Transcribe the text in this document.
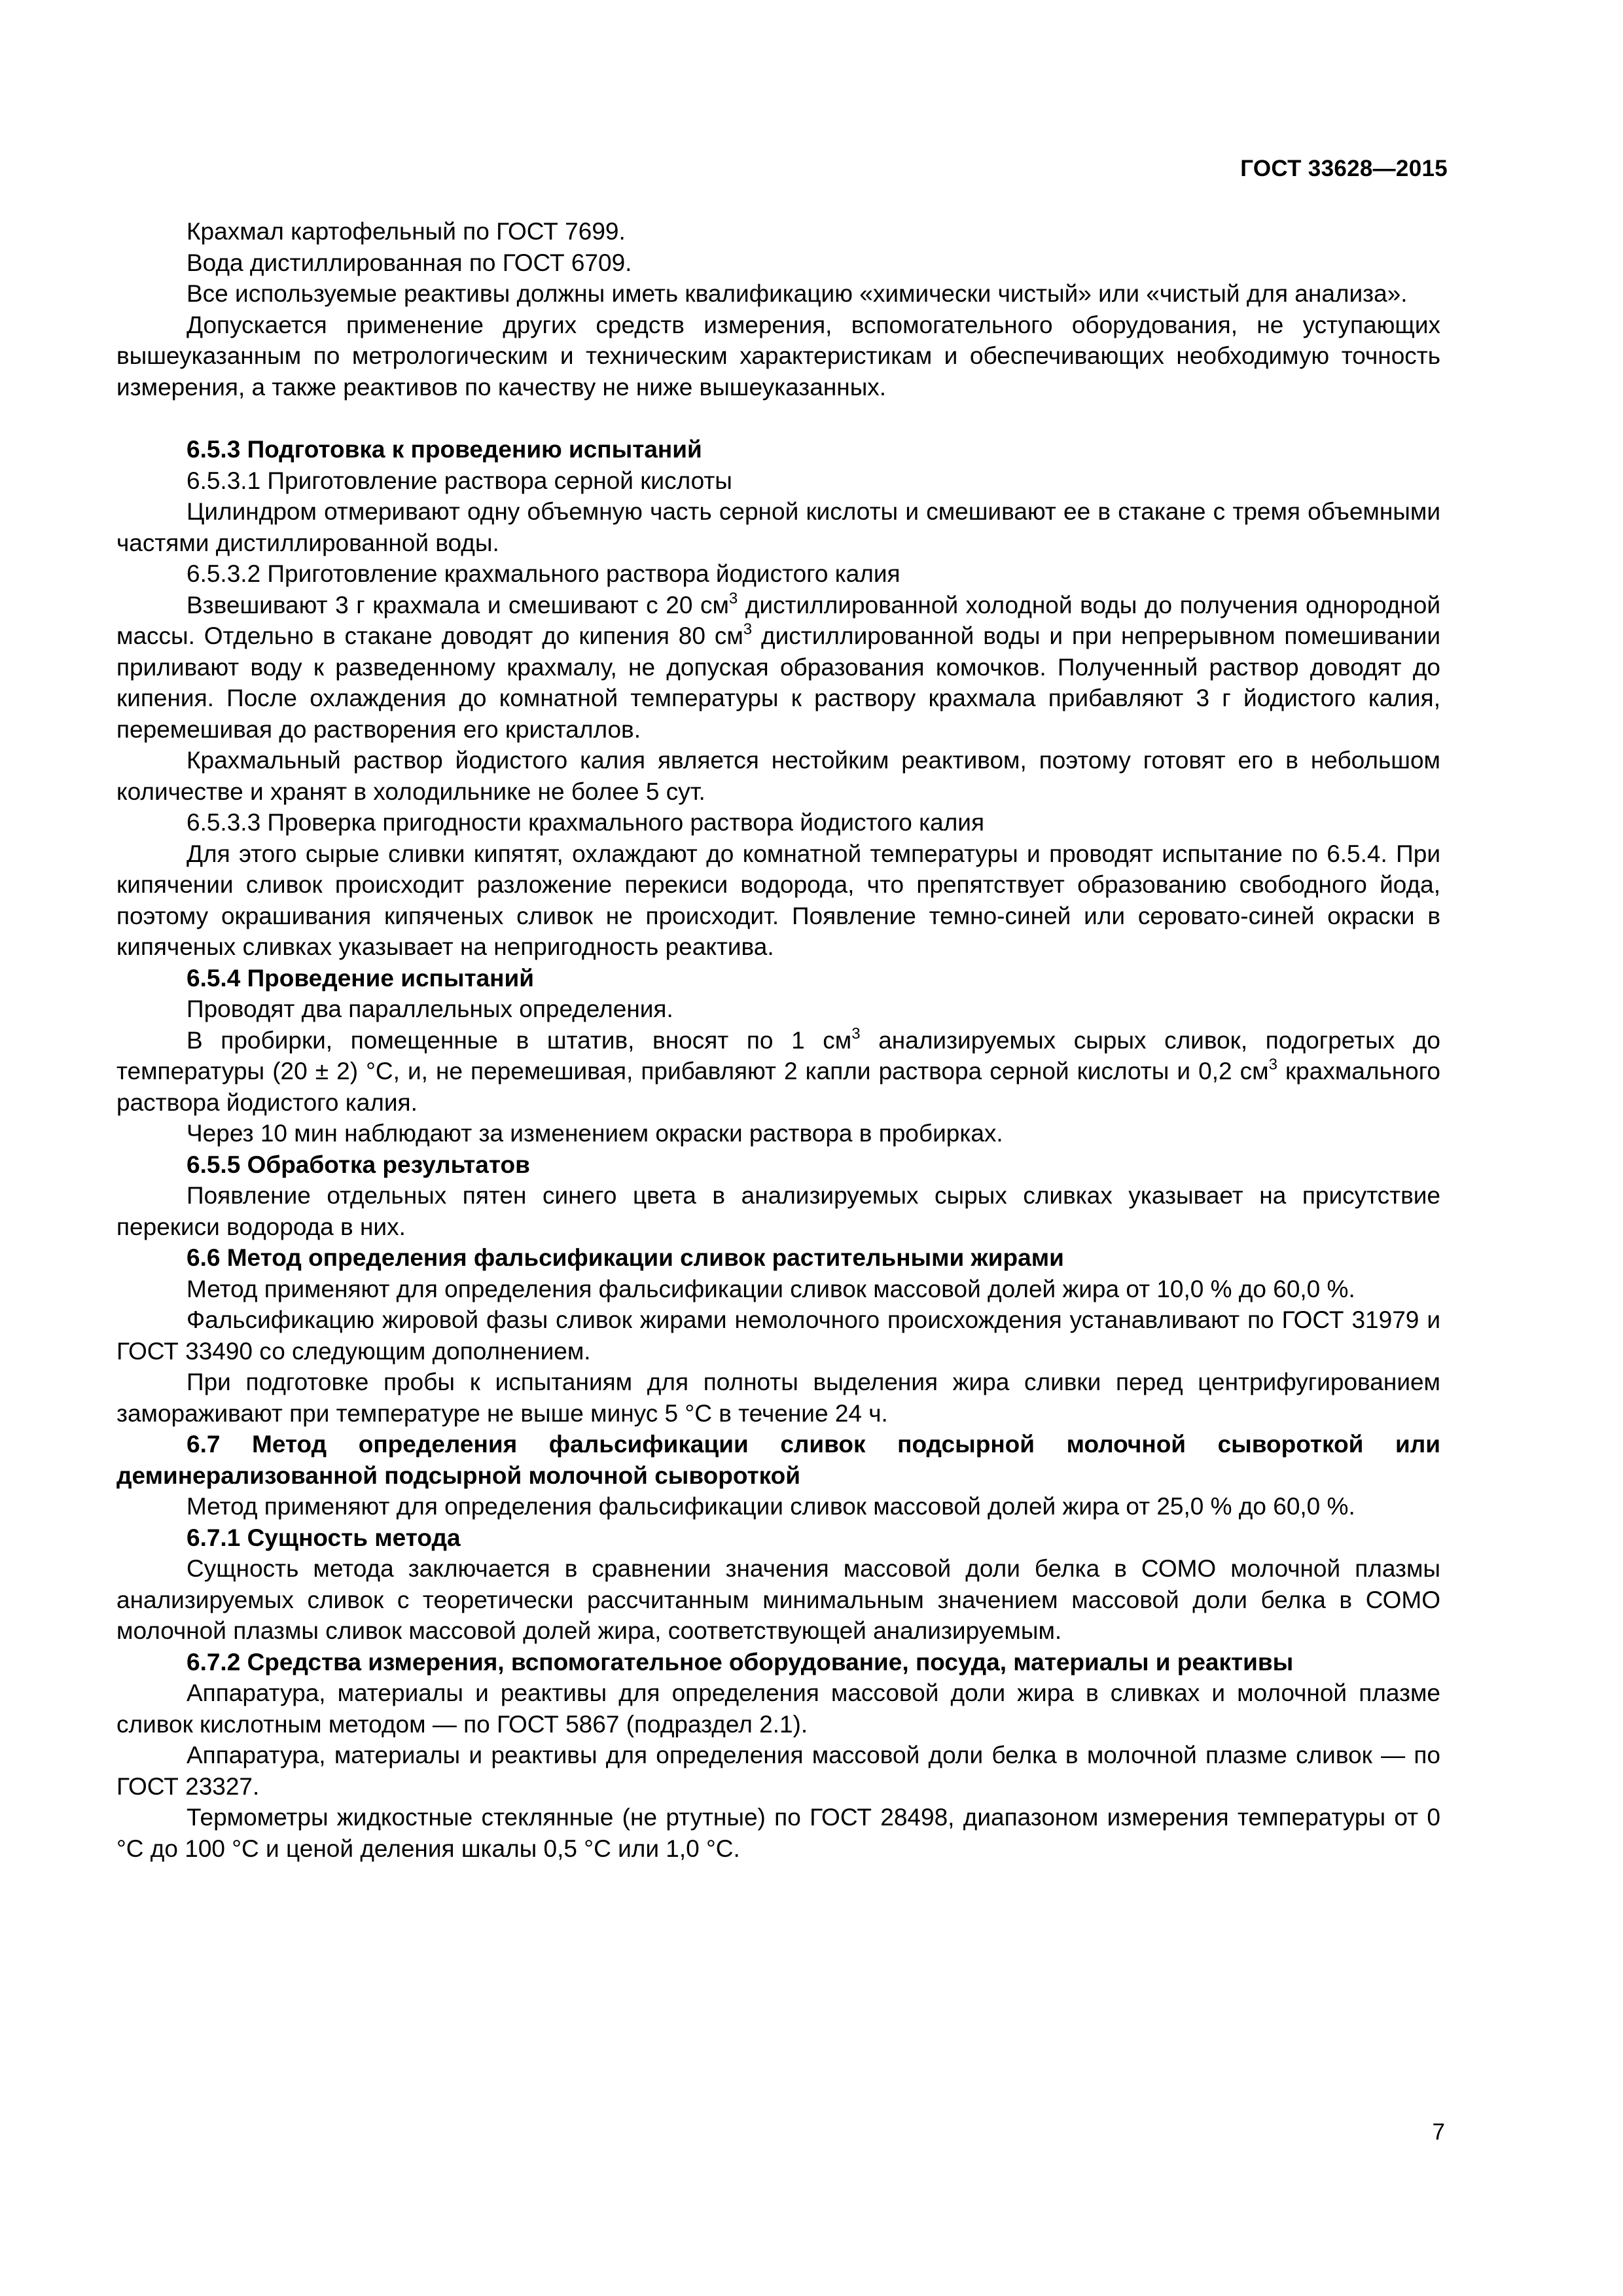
ГОСТ 33628—2015

Крахмал картофельный по ГОСТ 7699.

Вода дистиллированная по ГОСТ 6709.

Все используемые реактивы должны иметь квалификацию «химически чистый» или «чистый для анализа».

Допускается применение других средств измерения, вспомогательного оборудования, не уступающих вышеуказанным по метрологическим и техническим характеристикам и обеспечивающих необходимую точность измерения, а также реактивов по качеству не ниже вышеуказанных.

6.5.3 Подготовка к проведению испытаний

6.5.3.1 Приготовление раствора серной кислоты

Цилиндром отмеривают одну объемную часть серной кислоты и смешивают ее в стакане с тремя объемными частями дистиллированной воды.

6.5.3.2 Приготовление крахмального раствора йодистого калия

Взвешивают 3 г крахмала и смешивают с 20 $см^3$ дистиллированной холодной воды до получения однородной массы. Отдельно в стакане доводят до кипения 80 $см^3$ дистиллированной воды и при непрерывном помешивании приливают воду к разведенному крахмалу, не допуская образования комочков. Полученный раствор доводят до кипения. После охлаждения до комнатной температуры к раствору крахмала прибавляют 3 г йодистого калия, перемешивая до растворения его кристаллов.

Крахмальный раствор йодистого калия является нестойким реактивом, поэтому готовят его в небольшом количестве и хранят в холодильнике не более 5 сут.

6.5.3.3 Проверка пригодности крахмального раствора йодистого калия

Для этого сырые сливки кипятят, охлаждают до комнатной температуры и проводят испытание по 6.5.4. При кипячении сливок происходит разложение перекиси водорода, что препятствует образованию свободного йода, поэтому окрашивания кипяченых сливок не происходит. Появление темно-синей или серовато-синей окраски в кипяченых сливках указывает на непригодность реактива.

6.5.4 Проведение испытаний

Проводят два параллельных определения.

В пробирки, помещенные в штатив, вносят по 1 $см^3$ анализируемых сырых сливок, подогретых до температуры (20 ± 2) °С, и, не перемешивая, прибавляют 2 капли раствора серной кислоты и 0,2 $см^3$ крахмального раствора йодистого калия.

Через 10 мин наблюдают за изменением окраски раствора в пробирках.

6.5.5 Обработка результатов

Появление отдельных пятен синего цвета в анализируемых сырых сливках указывает на присутствие перекиси водорода в них.

6.6 Метод определения фальсификации сливок растительными жирами

Метод применяют для определения фальсификации сливок массовой долей жира от 10,0 % до 60,0 %.

Фальсификацию жировой фазы сливок жирами немолочного происхождения устанавливают по ГОСТ 31979 и ГОСТ 33490 со следующим дополнением.

При подготовке пробы к испытаниям для полноты выделения жира сливки перед центрифугированием замораживают при температуре не выше минус 5 °С в течение 24 ч.

6.7 Метод определения фальсификации сливок подсырной молочной сывороткой или деминерализованной подсырной молочной сывороткой

Метод применяют для определения фальсификации сливок массовой долей жира от 25,0 % до 60,0 %.

6.7.1 Сущность метода

Сущность метода заключается в сравнении значения массовой доли белка в СОМО молочной плазмы анализируемых сливок с теоретически рассчитанным минимальным значением массовой доли белка в СОМО молочной плазмы сливок массовой долей жира, соответствующей анализируемым.

6.7.2 Средства измерения, вспомогательное оборудование, посуда, материалы и реактивы

Аппаратура, материалы и реактивы для определения массовой доли жира в сливках и молочной плазме сливок кислотным методом — по ГОСТ 5867 (подраздел 2.1).

Аппаратура, материалы и реактивы для определения массовой доли белка в молочной плазме сливок — по ГОСТ 23327.

Термометры жидкостные стеклянные (не ртутные) по ГОСТ 28498, диапазоном измерения температуры от 0 °С до 100 °С и ценой деления шкалы 0,5 °С или 1,0 °С.

7
